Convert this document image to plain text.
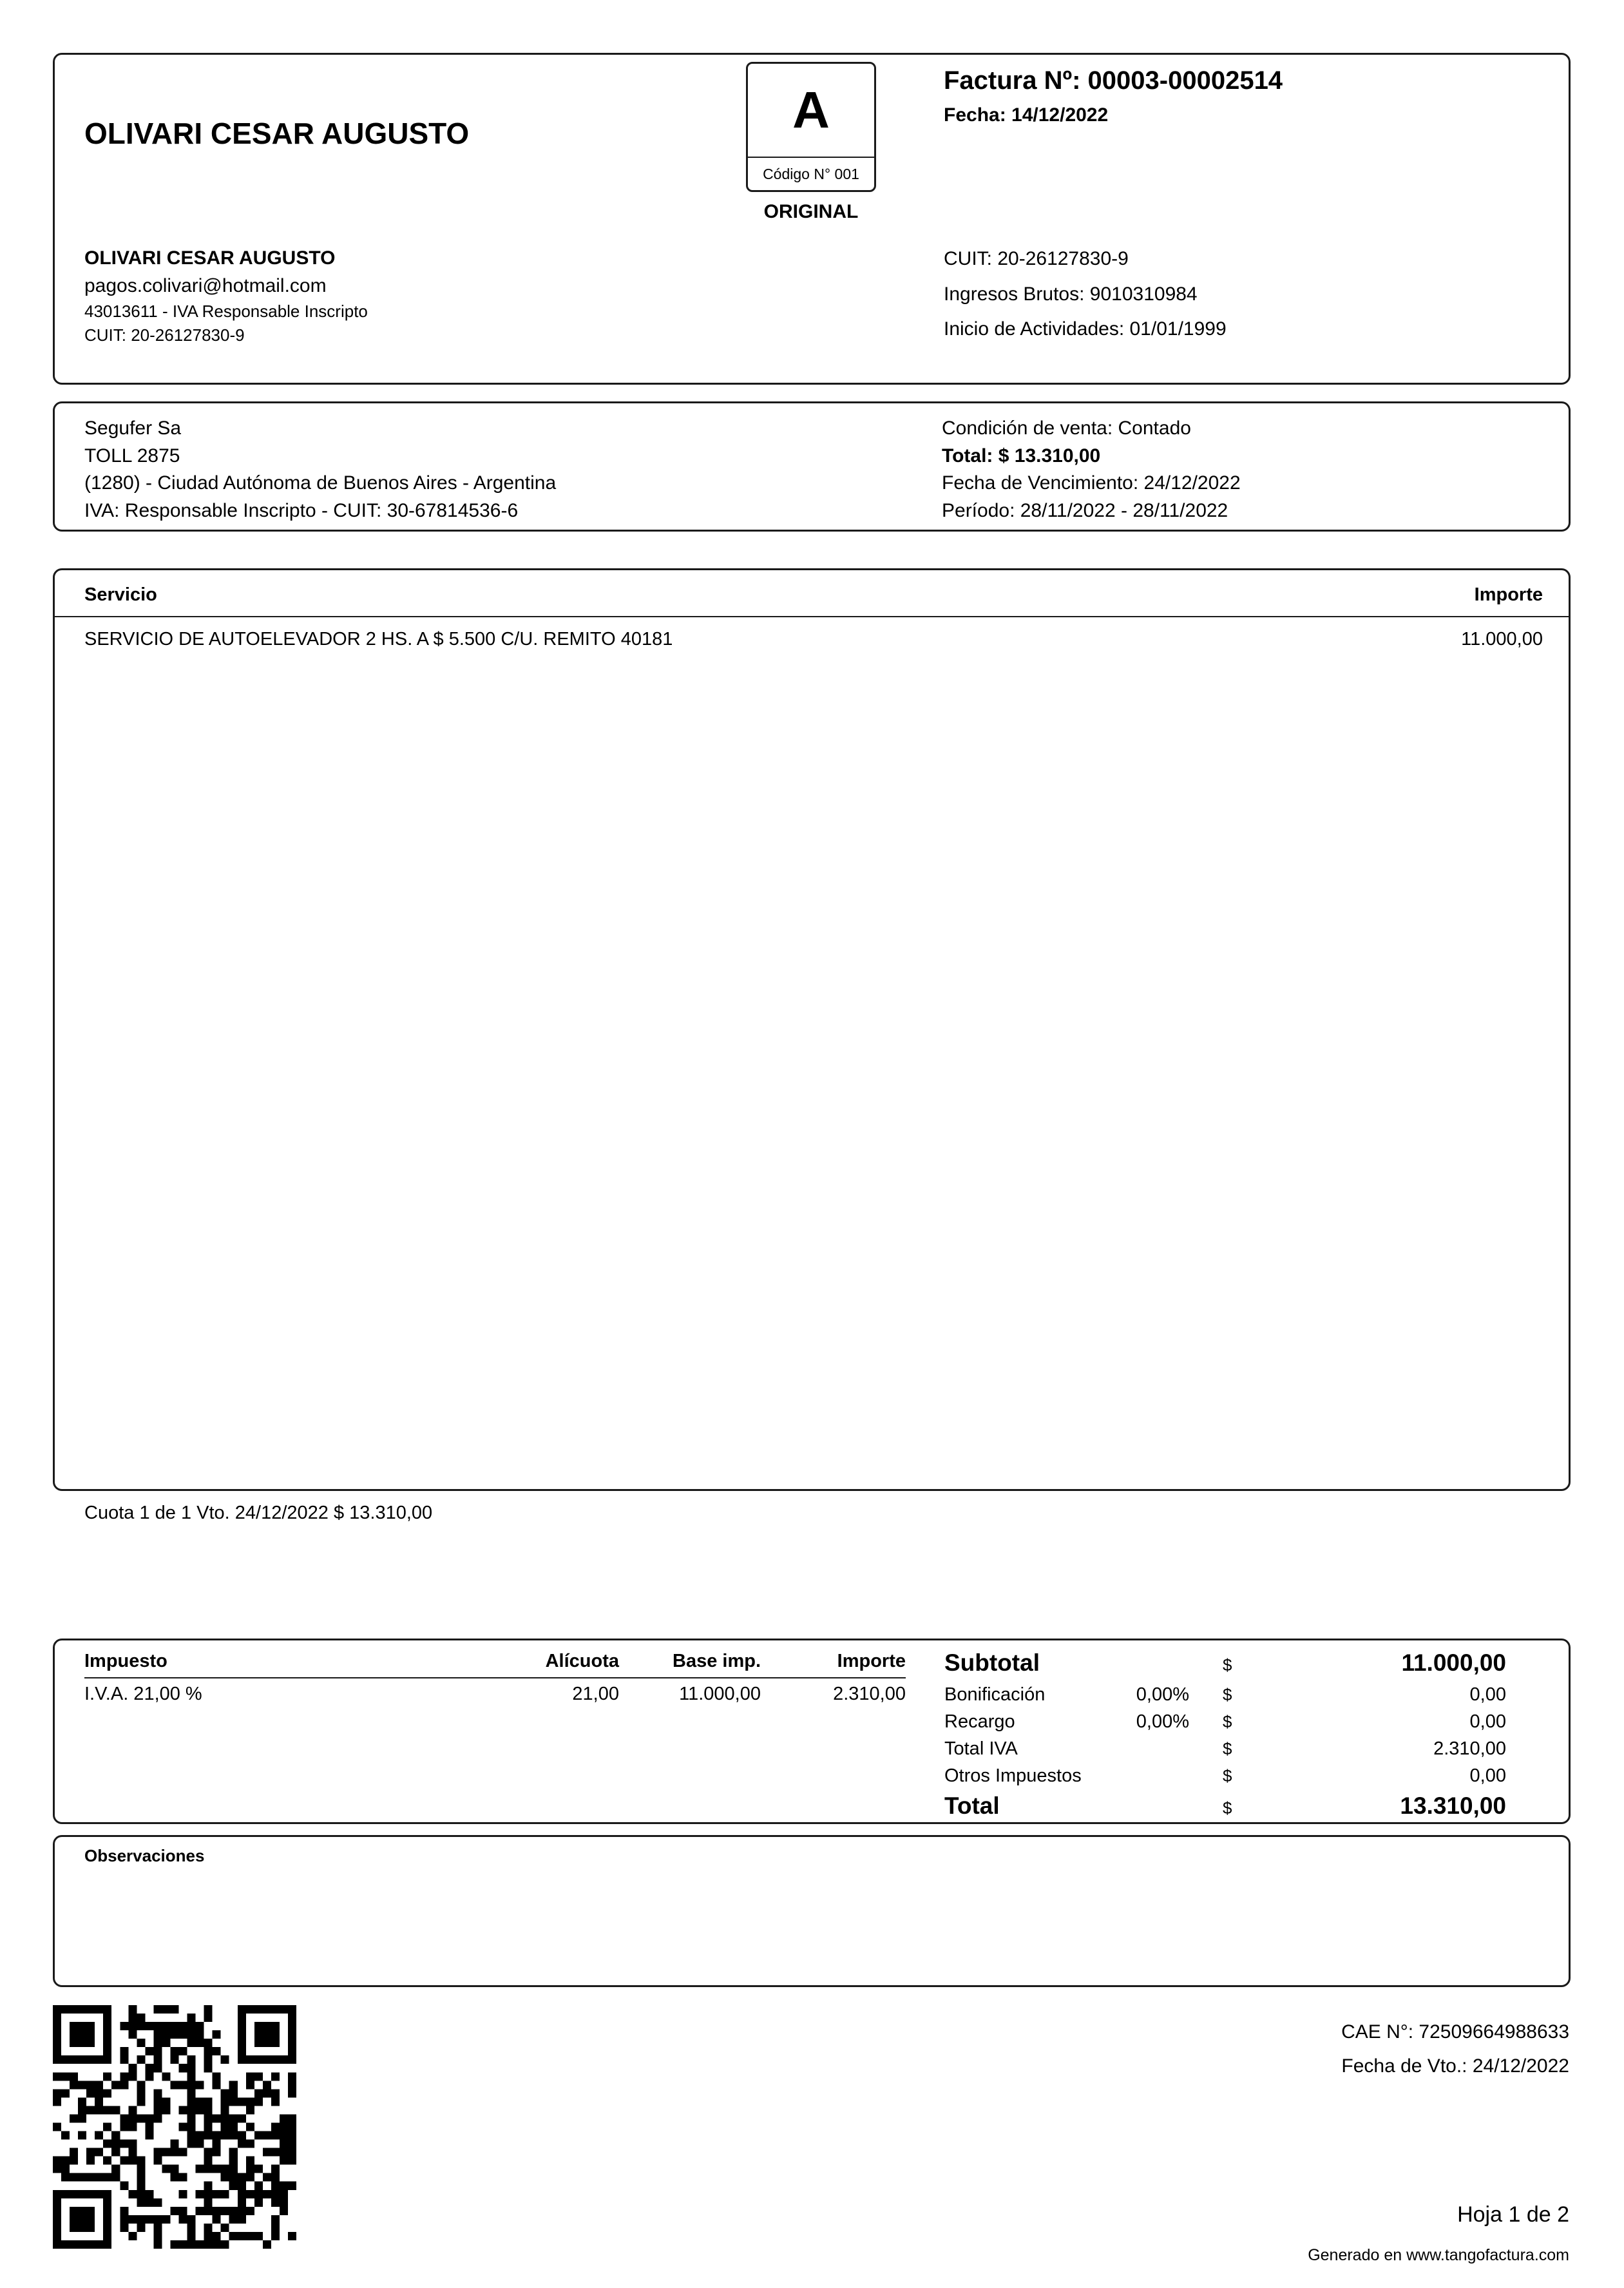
OLIVARI CESAR AUGUSTO
OLIVARI CESAR AUGUSTO
pagos.colivari@hotmail.com
43013611 - IVA Responsable Inscripto
CUIT: 20-26127830-9
Factura Nº: 00003-00002514
Fecha: 14/12/2022
CUIT: 20-26127830-9
Ingresos Brutos: 9010310984
Inicio de Actividades: 01/01/1999
A
Código N° 001
ORIGINAL
Segufer Sa
TOLL 2875
(1280) - Ciudad Autónoma de Buenos Aires - Argentina
IVA: Responsable Inscripto - CUIT: 30-67814536-6
Condición de venta: Contado
Total: $ 13.310,00
Fecha de Vencimiento: 24/12/2022
Período: 28/11/2022 - 28/11/2022
Servicio	Importe
SERVICIO DE AUTOELEVADOR 2 HS. A $ 5.500 C/U. REMITO 40181	11.000,00
Cuota 1 de 1 Vto. 24/12/2022 $ 13.310,00
Impuesto	Alícuota	Base imp.	Importe
I.V.A. 21,00 %	21,00	11.000,00	2.310,00
Subtotal	$	11.000,00
Bonificación	0,00%	$	0,00
Recargo	0,00%	$	0,00
Total IVA	$	2.310,00
Otros Impuestos	$	0,00
Total	$	13.310,00
Observaciones
CAE N°: 72509664988633
Fecha de Vto.: 24/12/2022
Hoja 1 de 2
Generado en www.tangofactura.com
